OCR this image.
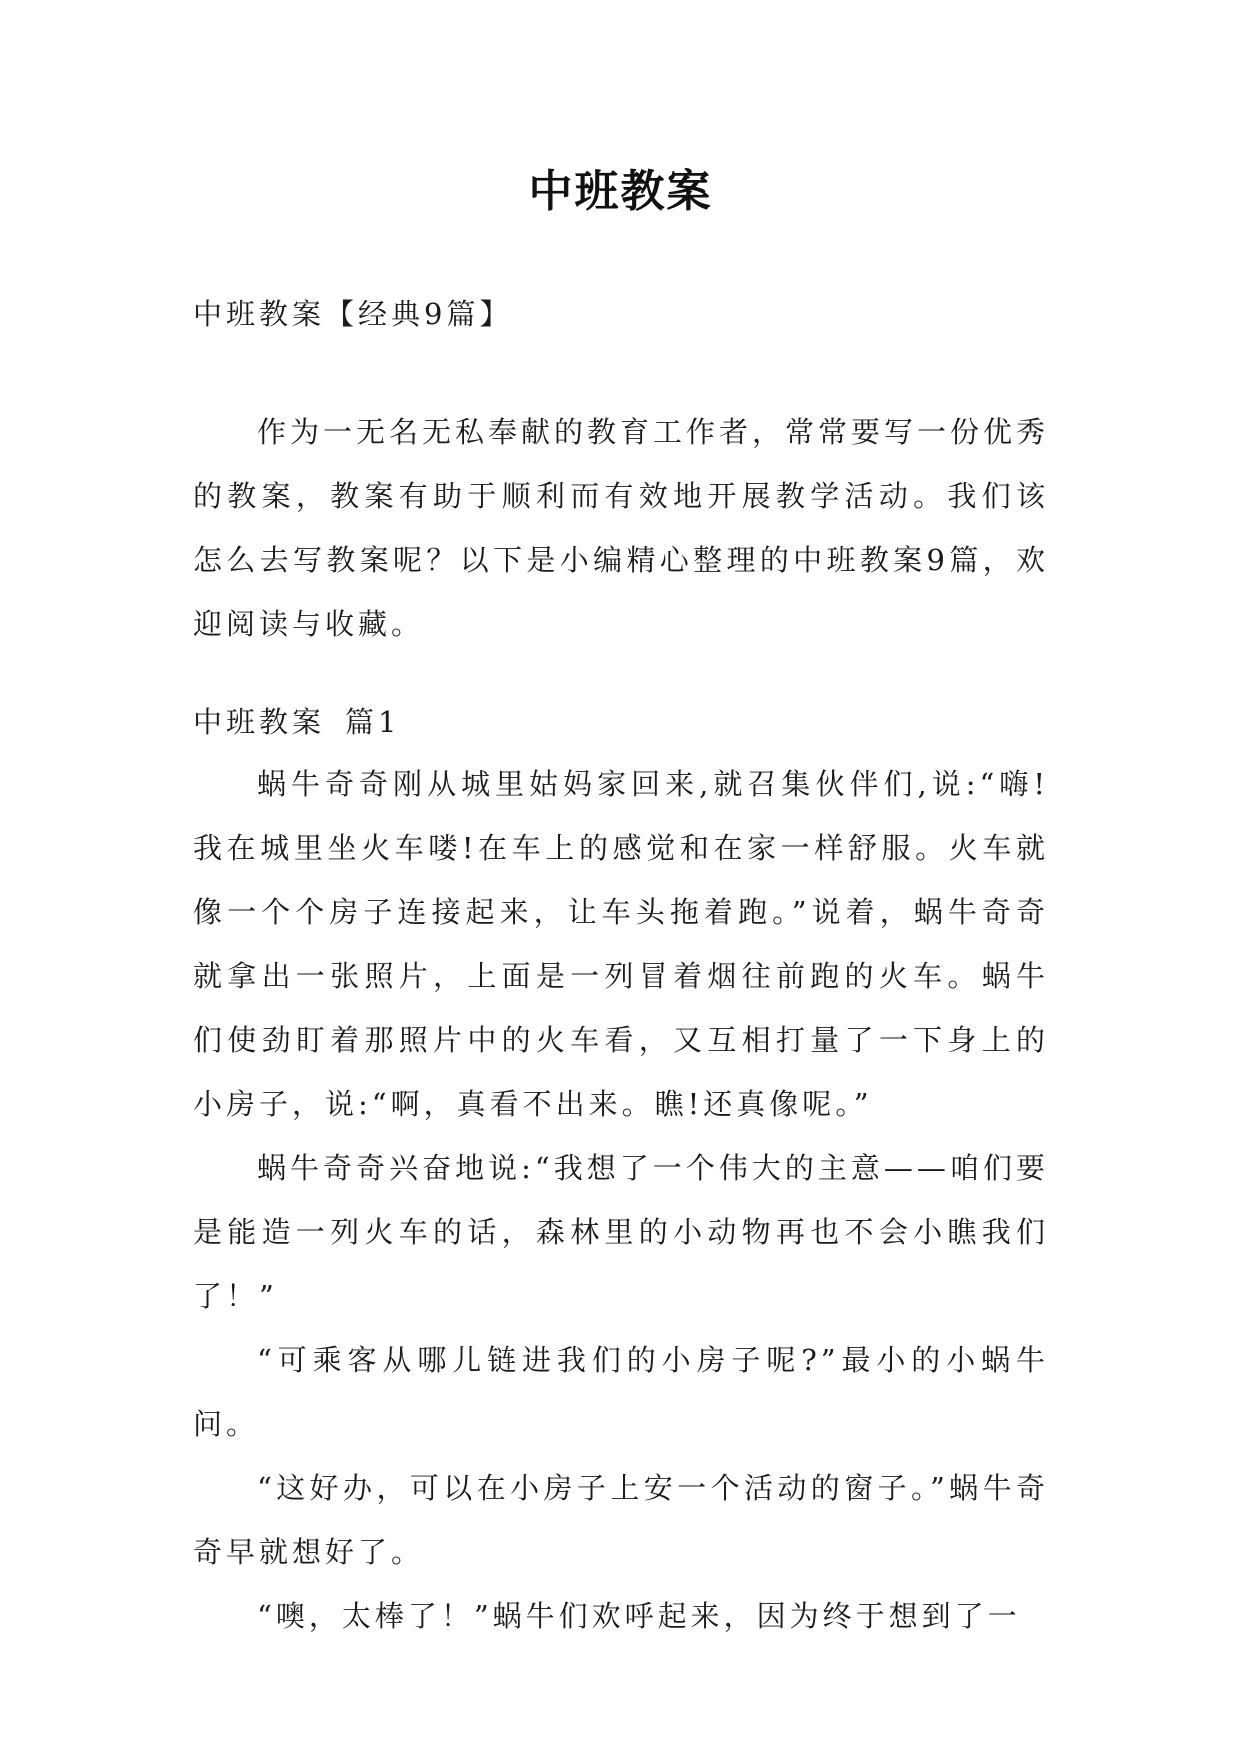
中班教案

中班教案【经典9篇】

作为一无名无私奉献的教育工作者，常常要写一份优秀的教案，教案有助于顺利而有效地开展教学活动。我们该怎么去写教案呢？以下是小编精心整理的中班教案9篇，欢迎阅读与收藏。

中班教案 篇1

蜗牛奇奇刚从城里姑妈家回来,就召集伙伴们,说:“嗨!我在城里坐火车喽!在车上的感觉和在家一样舒服。火车就像一个个房子连接起来，让车头拖着跑。”说着，蜗牛奇奇就拿出一张照片，上面是一列冒着烟往前跑的火车。蜗牛们使劲盯着那照片中的火车看，又互相打量了一下身上的小房子，说:“啊，真看不出来。瞧!还真像呢。”

蜗牛奇奇兴奋地说:“我想了一个伟大的主意——咱们要是能造一列火车的话，森林里的小动物再也不会小瞧我们了！”

“可乘客从哪儿链进我们的小房子呢?”最小的小蜗牛问。

“这好办，可以在小房子上安一个活动的窗子。”蜗牛奇奇早就想好了。

“噢，太棒了！”蜗牛们欢呼起来，因为终于想到了一
